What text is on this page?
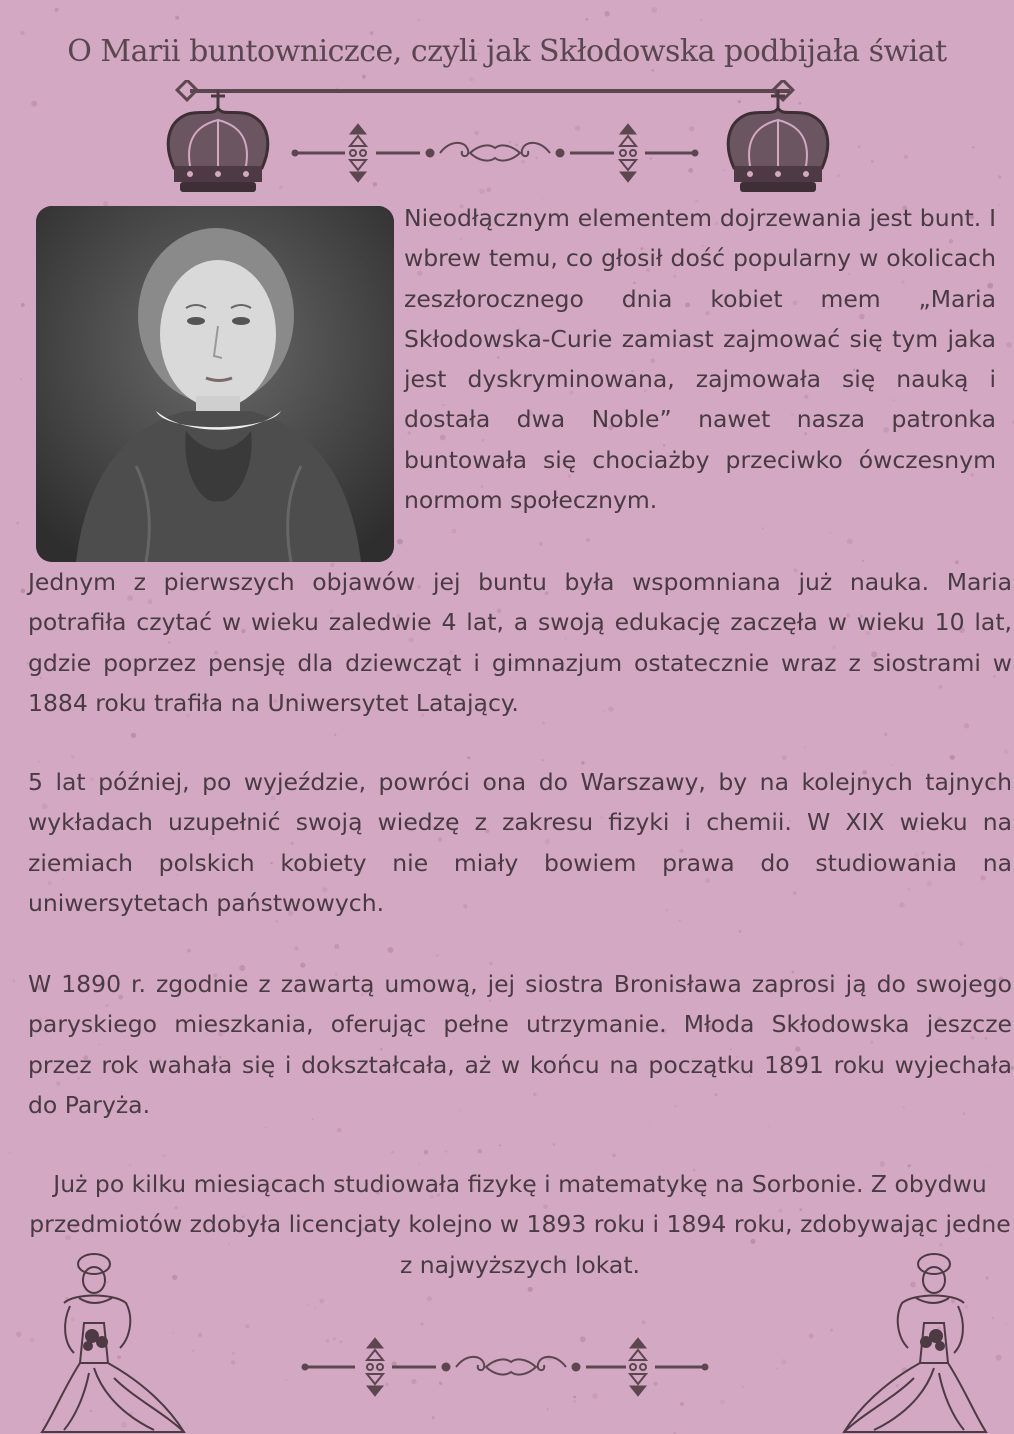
O Marii buntowniczce, czyli jak Skłodowska podbijała świat

Nieodłącznym elementem dojrzewania jest bunt. I wbrew temu, co głosił dość popularny w okolicach zeszłorocznego dnia kobiet mem „Maria Skłodowska-Curie zamiast zajmować się tym jaka jest dyskryminowana, zajmowała się nauką i dostała dwa Noble” nawet nasza patronka buntowała się chociażby przeciwko ówczesnym normom społecznym.

Jednym z pierwszych objawów jej buntu była wspomniana już nauka. Maria potrafiła czytać w wieku zaledwie 4 lat, a swoją edukację zaczęła w wieku 10 lat, gdzie poprzez pensję dla dziewcząt i gimnazjum ostatecznie wraz z siostrami w 1884 roku trafiła na Uniwersytet Latający.

5 lat później, po wyjeździe, powróci ona do Warszawy, by na kolejnych tajnych wykładach uzupełnić swoją wiedzę z zakresu fizyki i chemii. W XIX wieku na ziemiach polskich kobiety nie miały bowiem prawa do studiowania na uniwersytetach państwowych.

W 1890 r. zgodnie z zawartą umową, jej siostra Bronisława zaprosi ją do swojego paryskiego mieszkania, oferując pełne utrzymanie. Młoda Skłodowska jeszcze przez rok wahała się i dokształcała, aż w końcu na początku 1891 roku wyjechała do Paryża.

Już po kilku miesiącach studiowała fizykę i matematykę na Sorbonie. Z obydwu przedmiotów zdobyła licencjaty kolejno w 1893 roku i 1894 roku, zdobywając jedne z najwyższych lokat.
